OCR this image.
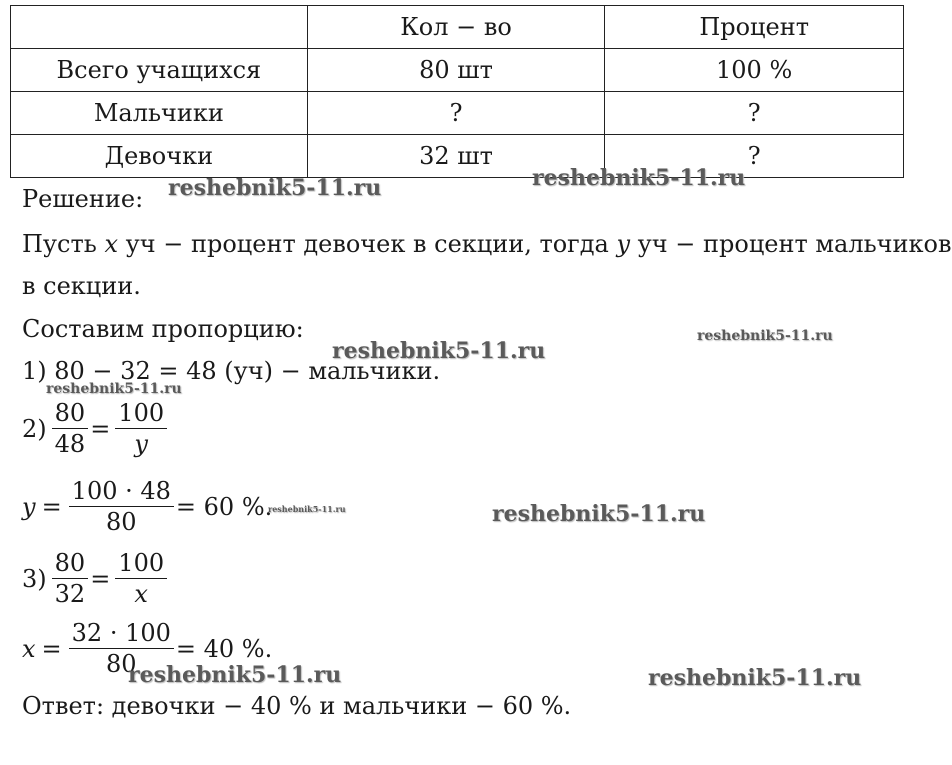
	Кол − во	Процент
Всего учащихся	80 шт	100 %
Мальчики	?	?
Девочки	32 шт	?
Решение:
Пусть x уч − процент девочек в секции, тогда y уч − процент мальчиков
в секции.
Составим пропорцию:
1) 80 − 32 = 48 (уч) − мальчики.
$2) \frac{80}{48} = \frac{100}{y}$
$y = \frac{100 \cdot 48}{80} = 60$ %.
$3) \frac{80}{32} = \frac{100}{x}$
$x = \frac{32 \cdot 100}{80} = 40$ %.
Ответ: девочки − 40 % и мальчики − 60 %.
reshebnik5-11.ru	reshebnik5-11.ru
reshebnik5-11.ru
reshebnik5-11.ru
reshebnik5-11.ru
reshebnik5-11.ru	reshebnik5-11.ru
reshebnik5-11.ru	reshebnik5-11.ru
